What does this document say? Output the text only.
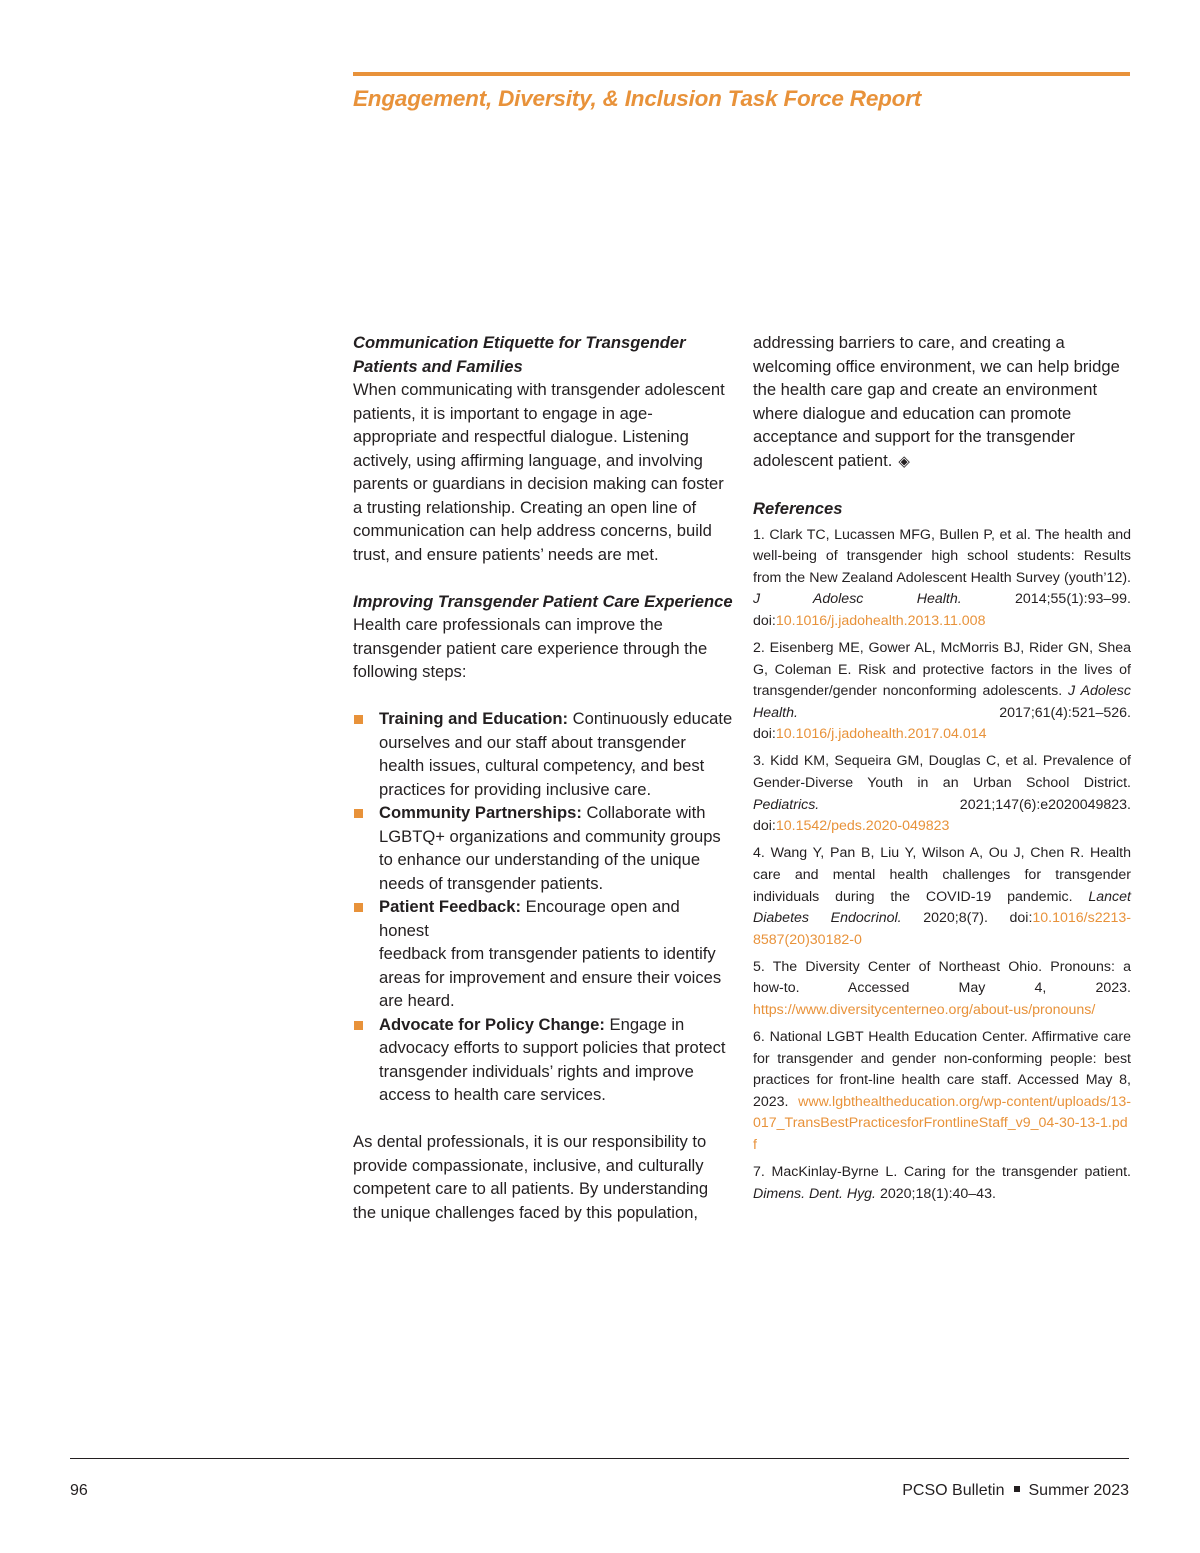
Engagement, Diversity, & Inclusion Task Force Report

Communication Etiquette for Transgender
Patients and Families

When communicating with transgender adolescent
patients, it is important to engage in age-
appropriate and respectful dialogue. Listening
actively, using affirming language, and involving
parents or guardians in decision making can foster
a trusting relationship. Creating an open line of
communication can help address concerns, build
trust, and ensure patients’ needs are met.

Improving Transgender Patient Care Experience

Health care professionals can improve the
transgender patient care experience through the
following steps:

Training and Education: Continuously educate
ourselves and our staff about transgender
health issues, cultural competency, and best
practices for providing inclusive care.
Community Partnerships: Collaborate with
LGBTQ+ organizations and community groups
to enhance our understanding of the unique
needs of transgender patients.
Patient Feedback: Encourage open and honest
feedback from transgender patients to identify
areas for improvement and ensure their voices
are heard.
Advocate for Policy Change: Engage in
advocacy efforts to support policies that protect
transgender individuals’ rights and improve
access to health care services.

As dental professionals, it is our responsibility to
provide compassionate, inclusive, and culturally
competent care to all patients. By understanding
the unique challenges faced by this population,

addressing barriers to care, and creating a
welcoming office environment, we can help bridge
the health care gap and create an environment
where dialogue and education can promote
acceptance and support for the transgender
adolescent patient. ◈

References

1. Clark TC, Lucassen MFG, Bullen P, et al. The health and well-being of transgender high school students: Results from the New Zealand Adolescent Health Survey (youth’12). J Adolesc Health. 2014;55(1):93–99. doi:10.1016/j.jadohealth.2013.11.008

2. Eisenberg ME, Gower AL, McMorris BJ, Rider GN, Shea G, Coleman E. Risk and protective factors in the lives of transgender/gender nonconforming adolescents. J Adolesc Health. 2017;61(4):521–526. doi:10.1016/j.jadohealth.2017.04.014

3. Kidd KM, Sequeira GM, Douglas C, et al. Prevalence of Gender-Diverse Youth in an Urban School District. Pediatrics. 2021;147(6):e2020049823. doi:10.1542/peds.2020-049823

4. Wang Y, Pan B, Liu Y, Wilson A, Ou J, Chen R. Health care and mental health challenges for transgender individuals during the COVID-19 pandemic. Lancet Diabetes Endocrinol. 2020;8(7). doi:10.1016/s2213-8587(20)30182-0

5. The Diversity Center of Northeast Ohio. Pronouns: a how-to. Accessed May 4, 2023. https://www.diversitycenterneo.org/about-us/pronouns/

6. National LGBT Health Education Center. Affirmative care for transgender and gender non-conforming people: best practices for front-line health care staff. Accessed May 8, 2023. www.lgbthealtheducation.org/wp-content/uploads/13-017_TransBestPracticesforFrontlineStaff_v9_04-30-13-1.pdf

7. MacKinlay-Byrne L. Caring for the transgender patient. Dimens. Dent. Hyg. 2020;18(1):40–43.

96	PCSO Bulletin Summer 2023
